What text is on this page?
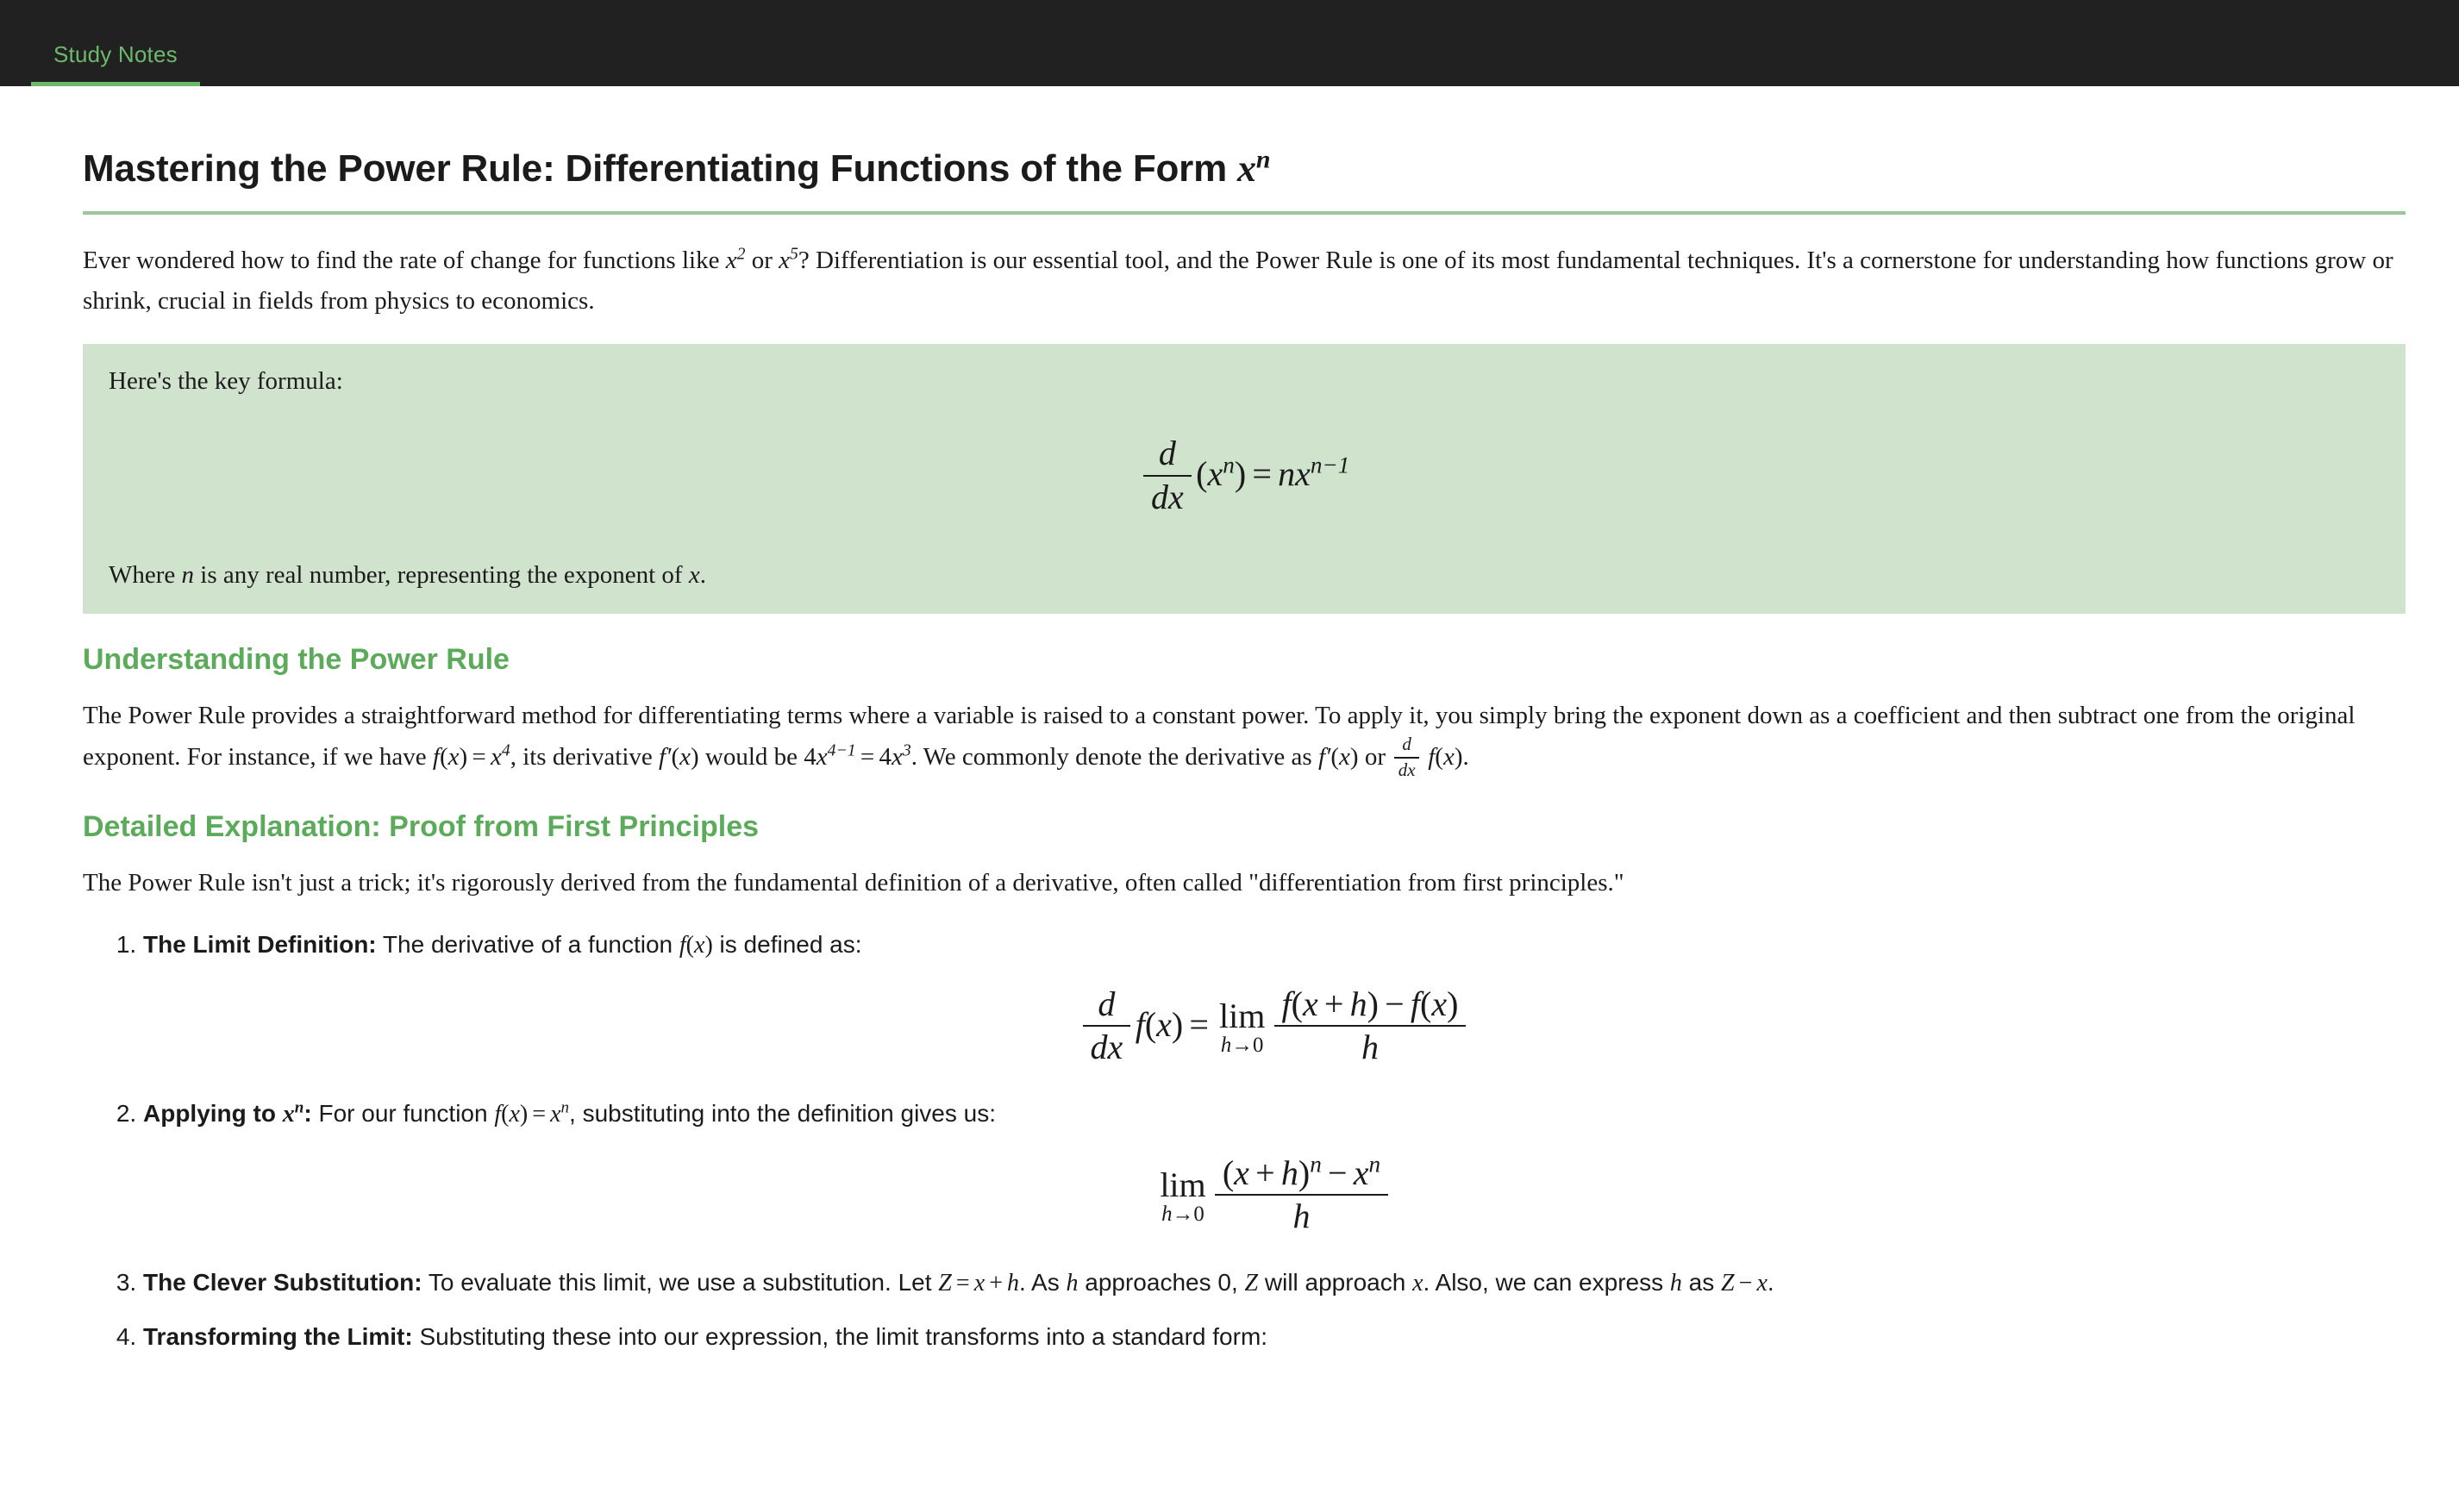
Study Notes
Mastering the Power Rule: Differentiating Functions of the Form $x^n$

Ever wondered how to find the rate of change for functions like $x^2$ or $x^5$? Differentiation is our essential tool, and the Power Rule is one of its most fundamental techniques. It's a cornerstone for understanding how functions grow or shrink, crucial in fields from physics to economics.

Here's the key formula:

$\frac{d}{dx} (x^n) = nx^{n-1}$

Where n is any real number, representing the exponent of x.

Understanding the Power Rule

The Power Rule provides a straightforward method for differentiating terms where a variable is raised to a constant power. To apply it, you simply bring the exponent down as a coefficient and then subtract one from the original exponent. For instance, if we have $f(x) = x^4$, its derivative f′(x) would be $4x^{4-1} = 4x^3$. We commonly denote the derivative as f′(x) or $\frac{d}{dx} f(x)$.

Detailed Explanation: Proof from First Principles

The Power Rule isn't just a trick; it's rigorously derived from the fundamental definition of a derivative, often called "differentiation from first principles."

1. The Limit Definition: The derivative of a function f(x) is defined as:
$\frac{d}{dx} f(x) = \lim$
$h\to 0 \frac{f(x + h) - f(x)}{h}$
2. Applying to $x^n$: For our function $f(x) = x^n$, substituting into the definition gives us:
lim
$h\to 0 \frac{(x + h)^n - x^n}{h}$
3. The Clever Substitution: To evaluate this limit, we use a substitution. Let Z = x + h. As h approaches 0, Z will approach x. Also, we can express h as Z − x.
4. Transforming the Limit: Substituting these into our expression, the limit transforms into a standard form:
